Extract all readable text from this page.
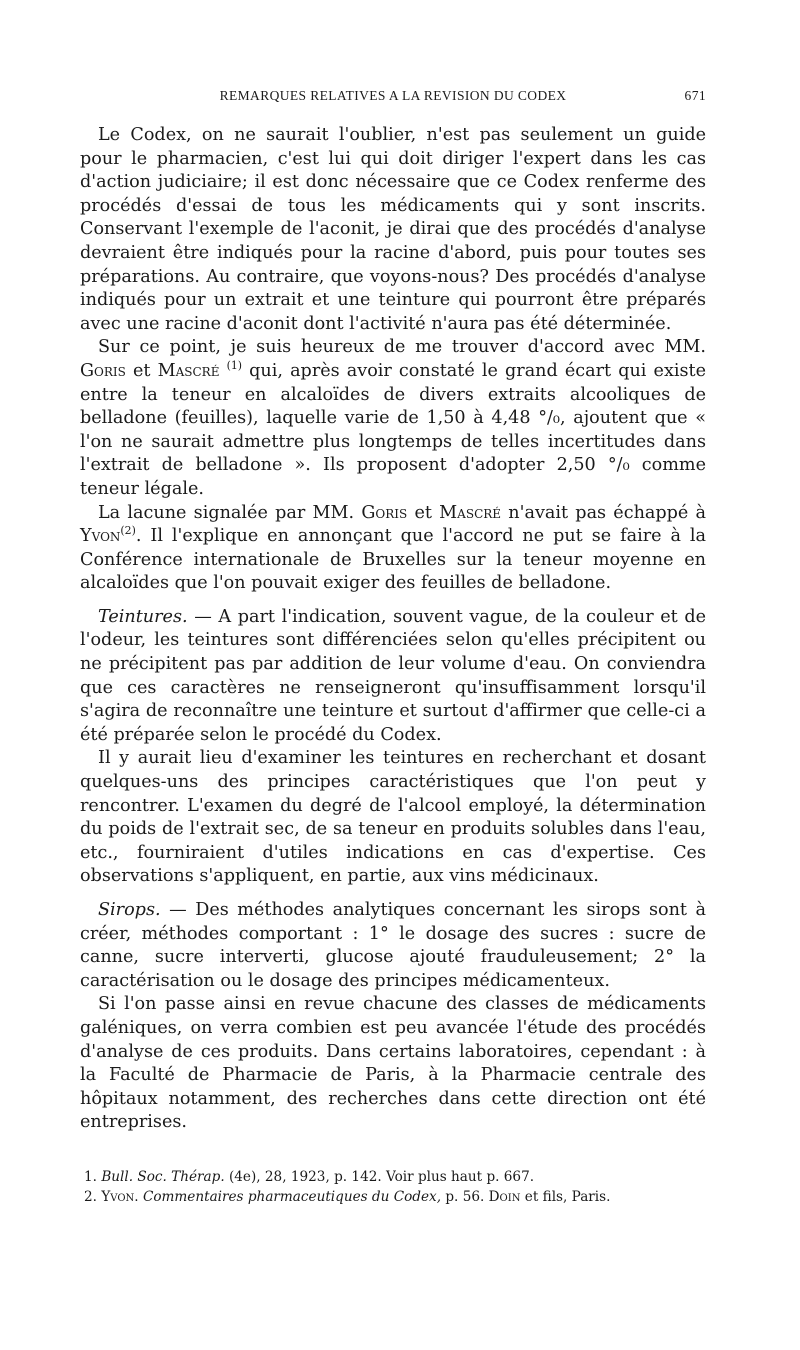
REMARQUES RELATIVES A LA REVISION DU CODEX	671

Le Codex, on ne saurait l'oublier, n'est pas seulement un guide pour le pharmacien, c'est lui qui doit diriger l'expert dans les cas d'action judiciaire; il est donc nécessaire que ce Codex renferme des procédés d'essai de tous les médicaments qui y sont inscrits. Conservant l'exemple de l'aconit, je dirai que des procédés d'analyse devraient être indiqués pour la racine d'abord, puis pour toutes ses préparations. Au contraire, que voyons-nous? Des procédés d'analyse indiqués pour un extrait et une teinture qui pourront être préparés avec une racine d'aconit dont l'activité n'aura pas été déterminée.

Sur ce point, je suis heureux de me trouver d'accord avec MM. Goris et Mascré $^{(1)}$ qui, après avoir constaté le grand écart qui existe entre la teneur en alcaloïdes de divers extraits alcooliques de belladone (feuilles), laquelle varie de 1,50 à 4,48 °/₀, ajoutent que « l'on ne saurait admettre plus longtemps de telles incertitudes dans l'extrait de belladone ». Ils proposent d'adopter 2,50 °/₀ comme teneur légale.

La lacune signalée par MM. Goris et Mascré n'avait pas échappé à Yvon$^{(2)}$. Il l'explique en annonçant que l'accord ne put se faire à la Conférence internationale de Bruxelles sur la teneur moyenne en alcaloïdes que l'on pouvait exiger des feuilles de belladone.

Teintures. — A part l'indication, souvent vague, de la couleur et de l'odeur, les teintures sont différenciées selon qu'elles précipitent ou ne précipitent pas par addition de leur volume d'eau. On conviendra que ces caractères ne renseigneront qu'insuffisamment lorsqu'il s'agira de reconnaître une teinture et surtout d'affirmer que celle-ci a été préparée selon le procédé du Codex.

Il y aurait lieu d'examiner les teintures en recherchant et dosant quelques-uns des principes caractéristiques que l'on peut y rencontrer. L'examen du degré de l'alcool employé, la détermination du poids de l'extrait sec, de sa teneur en produits solubles dans l'eau, etc., fourniraient d'utiles indications en cas d'expertise. Ces observations s'appliquent, en partie, aux vins médicinaux.

Sirops. — Des méthodes analytiques concernant les sirops sont à créer, méthodes comportant : 1° le dosage des sucres : sucre de canne, sucre interverti, glucose ajouté frauduleusement; 2° la caractérisation ou le dosage des principes médicamenteux.

Si l'on passe ainsi en revue chacune des classes de médicaments galéniques, on verra combien est peu avancée l'étude des procédés d'analyse de ces produits. Dans certains laboratoires, cependant : à la Faculté de Pharmacie de Paris, à la Pharmacie centrale des hôpitaux notamment, des recherches dans cette direction ont été entreprises.

1. Bull. Soc. Thérap. (4e), 28, 1923, p. 142. Voir plus haut p. 667.

2. Yvon. Commentaires pharmaceutiques du Codex, p. 56. Doin et fils, Paris.
